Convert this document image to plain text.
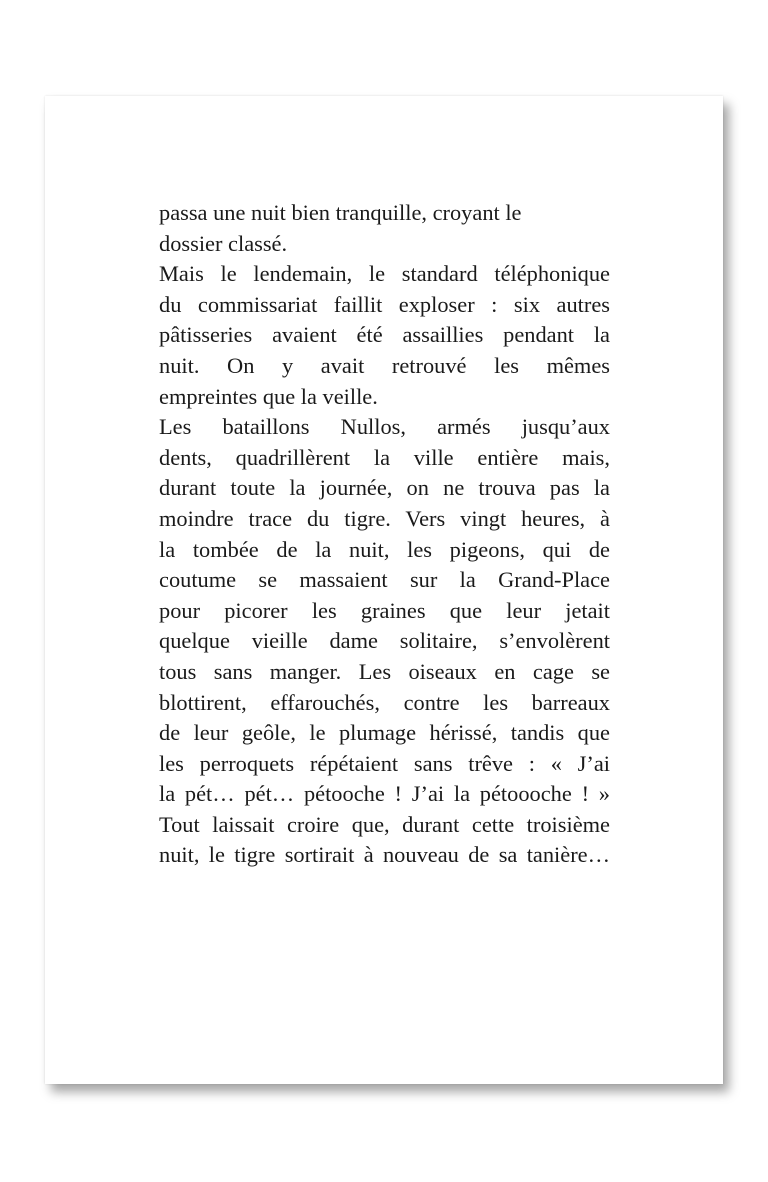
passa une nuit bien tranquille, croyant le
dossier classé.
Mais le lendemain, le standard téléphonique
du commissariat faillit exploser : six autres
pâtisseries avaient été assaillies pendant la
nuit. On y avait retrouvé les mêmes
empreintes que la veille.
Les bataillons Nullos, armés jusqu’aux
dents, quadrillèrent la ville entière mais,
durant toute la journée, on ne trouva pas la
moindre trace du tigre. Vers vingt heures, à
la tombée de la nuit, les pigeons, qui de
coutume se massaient sur la Grand-Place
pour picorer les graines que leur jetait
quelque vieille dame solitaire, s’envolèrent
tous sans manger. Les oiseaux en cage se
blottirent, effarouchés, contre les barreaux
de leur geôle, le plumage hérissé, tandis que
les perroquets répétaient sans trêve : « J’ai
la pét… pét… pétooche ! J’ai la pétoooche ! »
Tout laissait croire que, durant cette troisième
nuit, le tigre sortirait à nouveau de sa tanière…
